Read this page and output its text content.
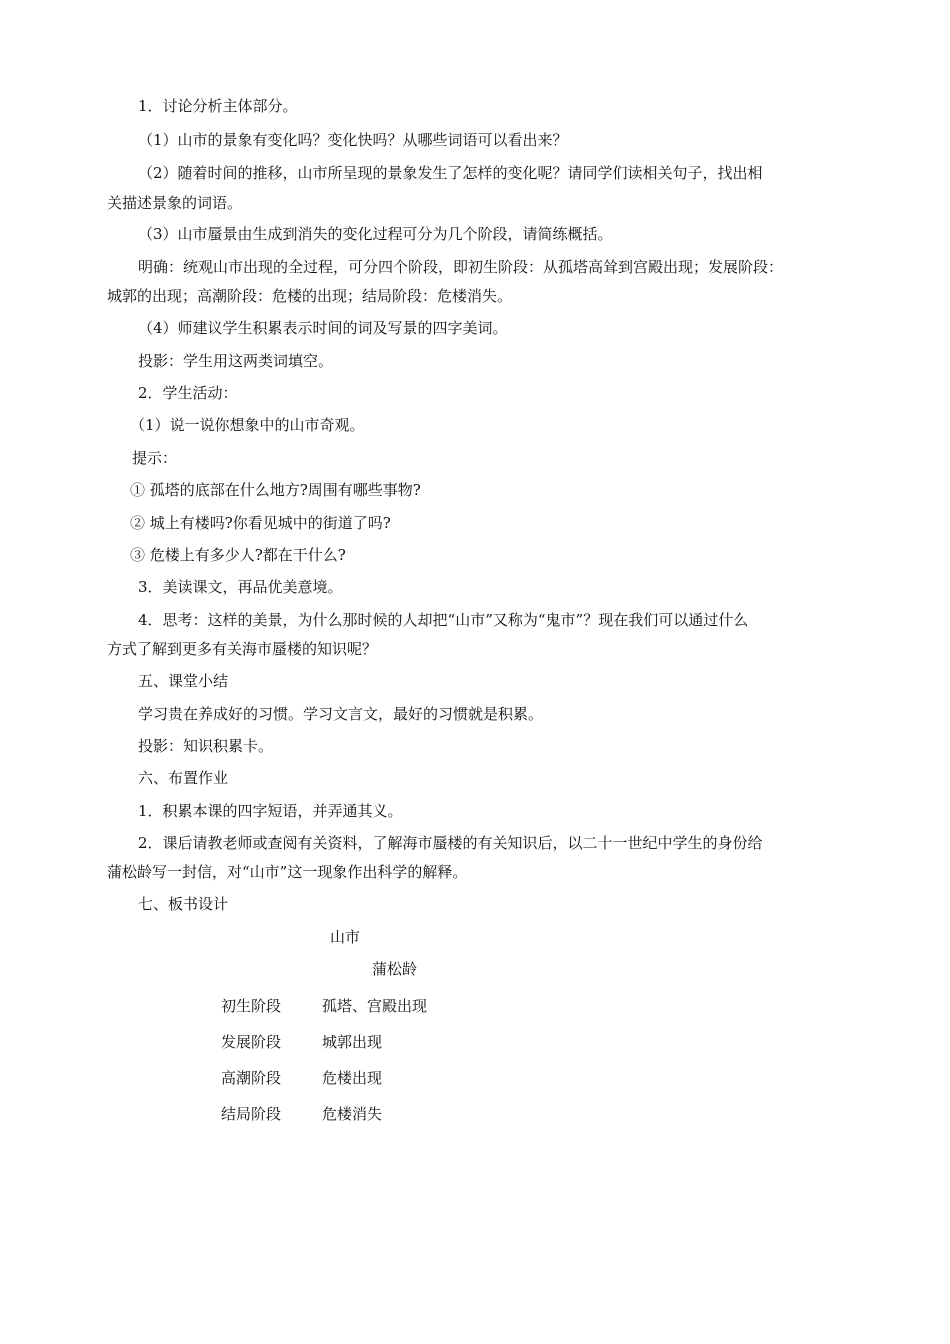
1．讨论分析主体部分。
（1）山市的景象有变化吗？变化快吗？从哪些词语可以看出来？
（2）随着时间的推移，山市所呈现的景象发生了怎样的变化呢？请同学们读相关句子，找出相
关描述景象的词语。
（3）山市蜃景由生成到消失的变化过程可分为几个阶段，请简练概括。
明确：统观山市出现的全过程，可分四个阶段，即初生阶段：从孤塔高耸到宫殿出现；发展阶段：
城郭的出现；高潮阶段：危楼的出现；结局阶段：危楼消失。
（4）师建议学生积累表示时间的词及写景的四字美词。
投影：学生用这两类词填空。
2．学生活动：
（1）说一说你想象中的山市奇观。
提示：
① 孤塔的底部在什么地方?周围有哪些事物?
② 城上有楼吗?你看见城中的街道了吗?
③ 危楼上有多少人?都在干什么?
3．美读课文，再品优美意境。
4．思考：这样的美景，为什么那时候的人却把“山市”又称为“鬼市”？现在我们可以通过什么
方式了解到更多有关海市蜃楼的知识呢？
五、课堂小结
学习贵在养成好的习惯。学习文言文，最好的习惯就是积累。
投影：知识积累卡。
六、布置作业
1．积累本课的四字短语，并弄通其义。
2．课后请教老师或查阅有关资料，了解海市蜃楼的有关知识后，以二十一世纪中学生的身份给
蒲松龄写一封信，对“山市”这一现象作出科学的解释。
七、板书设计
山市
蒲松龄
初生阶段	孤塔、宫殿出现
发展阶段	城郭出现
高潮阶段	危楼出现
结局阶段	危楼消失
